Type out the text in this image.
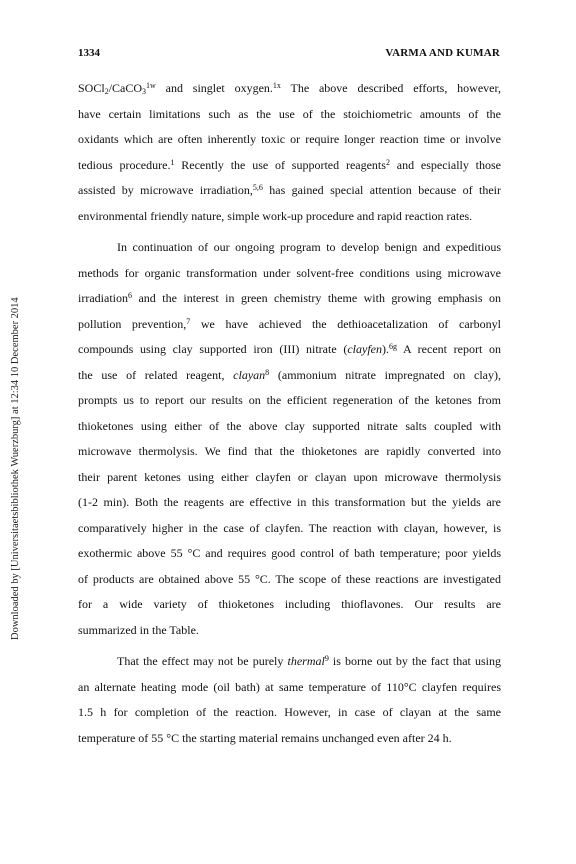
1334	VARMA AND KUMAR
Downloaded by [Universitaetsbibliothek Wuerzburg] at 12:34 10 December 2014
SOCl$_2$/CaCO$_3^{1w}$ and singlet oxygen.$^{1x}$ The above described efforts, however,
have certain limitations such as the use of the stoichiometric amounts of the
oxidants which are often inherently toxic or require longer reaction time or involve
tedious procedure.$^1$ Recently the use of supported reagents$^2$ and especially those
assisted by microwave irradiation,$^{5,6}$ has gained special attention because of their
environmental friendly nature, simple work-up procedure and rapid reaction rates.
In continuation of our ongoing program to develop benign and expeditious
methods for organic transformation under solvent-free conditions using microwave
irradiation$^6$ and the interest in green chemistry theme with growing emphasis on
pollution prevention,$^7$ we have achieved the dethioacetalization of carbonyl
compounds using clay supported iron (III) nitrate (clayfen).$^{6g}$ A recent report on
the use of related reagent, clayan$^8$ (ammonium nitrate impregnated on clay),
prompts us to report our results on the efficient regeneration of the ketones from
thioketones using either of the above clay supported nitrate salts coupled with
microwave thermolysis. We find that the thioketones are rapidly converted into
their parent ketones using either clayfen or clayan upon microwave thermolysis
(1-2 min). Both the reagents are effective in this transformation but the yields are
comparatively higher in the case of clayfen. The reaction with clayan, however, is
exothermic above 55 °C and requires good control of bath temperature; poor yields
of products are obtained above 55 °C. The scope of these reactions are investigated
for a wide variety of thioketones including thioflavones. Our results are
summarized in the Table.
That the effect may not be purely thermal$^9$ is borne out by the fact that using
an alternate heating mode (oil bath) at same temperature of 110°C clayfen requires
1.5 h for completion of the reaction. However, in case of clayan at the same
temperature of 55 °C the starting material remains unchanged even after 24 h.
